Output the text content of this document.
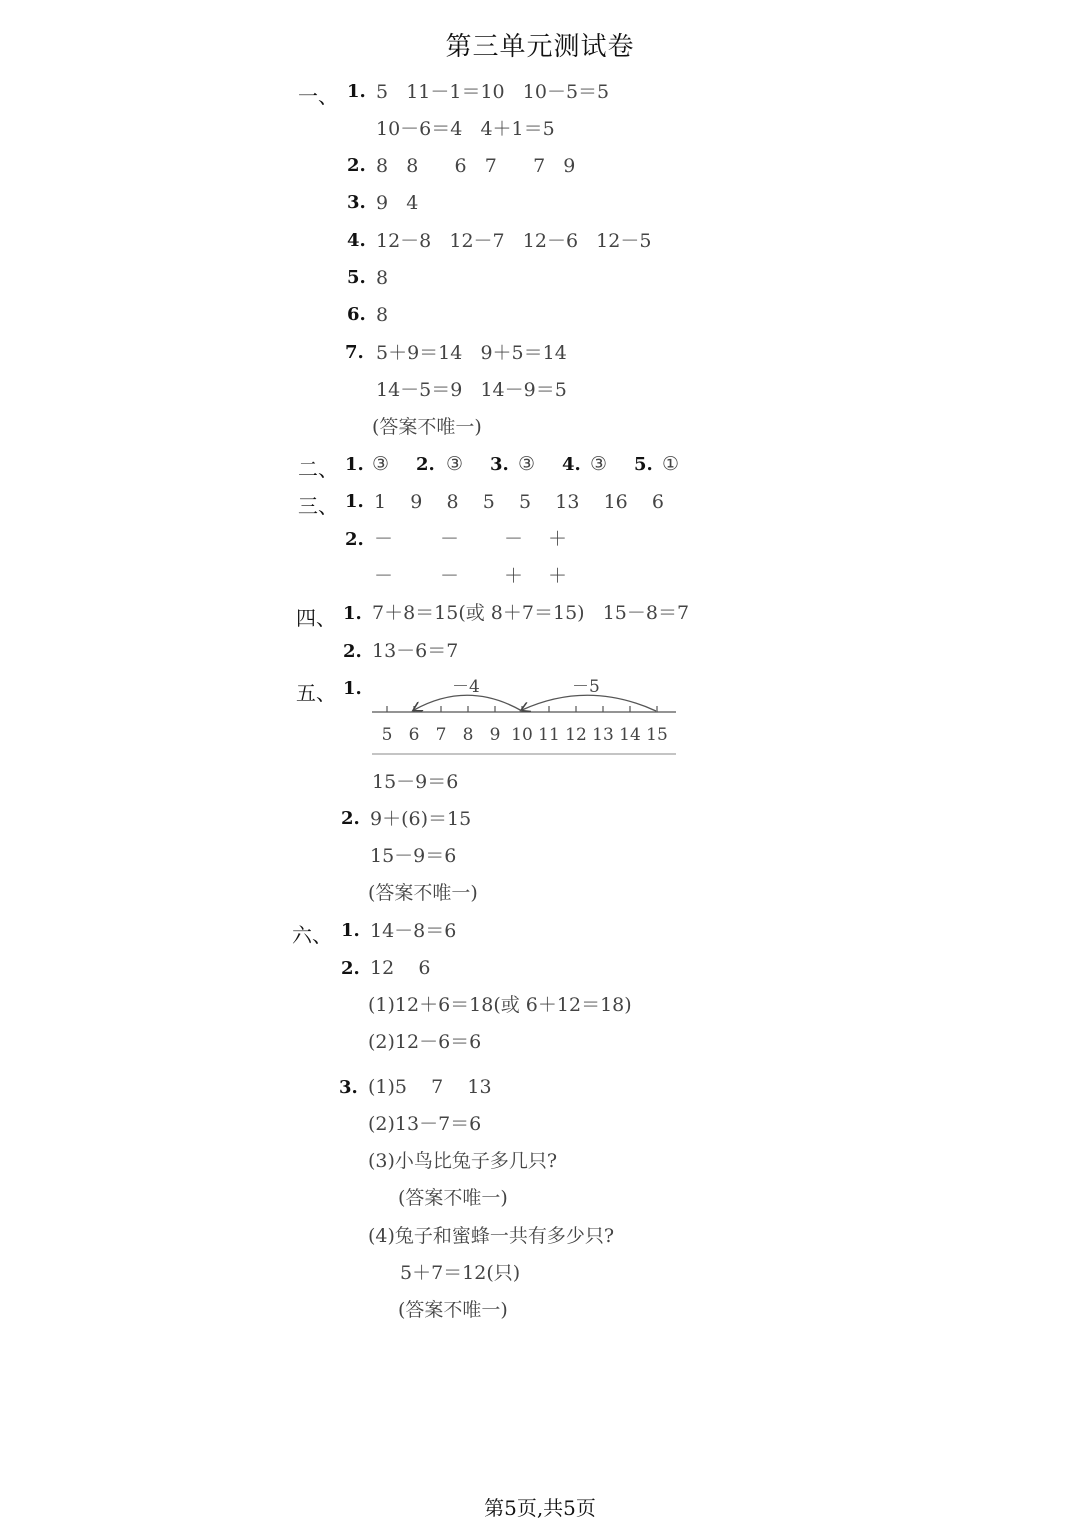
第三单元测试卷
一、 1. 5   11－1＝10   10－5＝5
10－6＝4   4＋1＝5
2. 8   8      6   7      7   9
3. 9   4
4. 12－8   12－7   12－6   12－5
5. 8
6. 8
7. 5＋9＝14   9＋5＝14
14－5＝9   14－9＝5
(答案不唯一)
二、 1. ③ 2. ③ 3. ③ 4. ③ 5. ①
三、 1. 1    9    8    5    5    13    16    6
2. － － － ＋
－ － ＋ ＋
四、 1. 7＋8＝15(或 8＋7＝15)   15－8＝7
2. 13－6＝7
五、 1.
5 6 7 8 9 10 11 12 13 14 15
－4	－5
15－9＝6
2. 9＋(6)＝15
15－9＝6
(答案不唯一)
六、 1. 14－8＝6
2. 12    6
(1)12＋6＝18(或 6＋12＝18)
(2)12－6＝6
3. (1)5    7    13
(2)13－7＝6
(3)小鸟比兔子多几只?
(答案不唯一)
(4)兔子和蜜蜂一共有多少只?
5＋7＝12(只)
(答案不唯一)
第5页,共5页
